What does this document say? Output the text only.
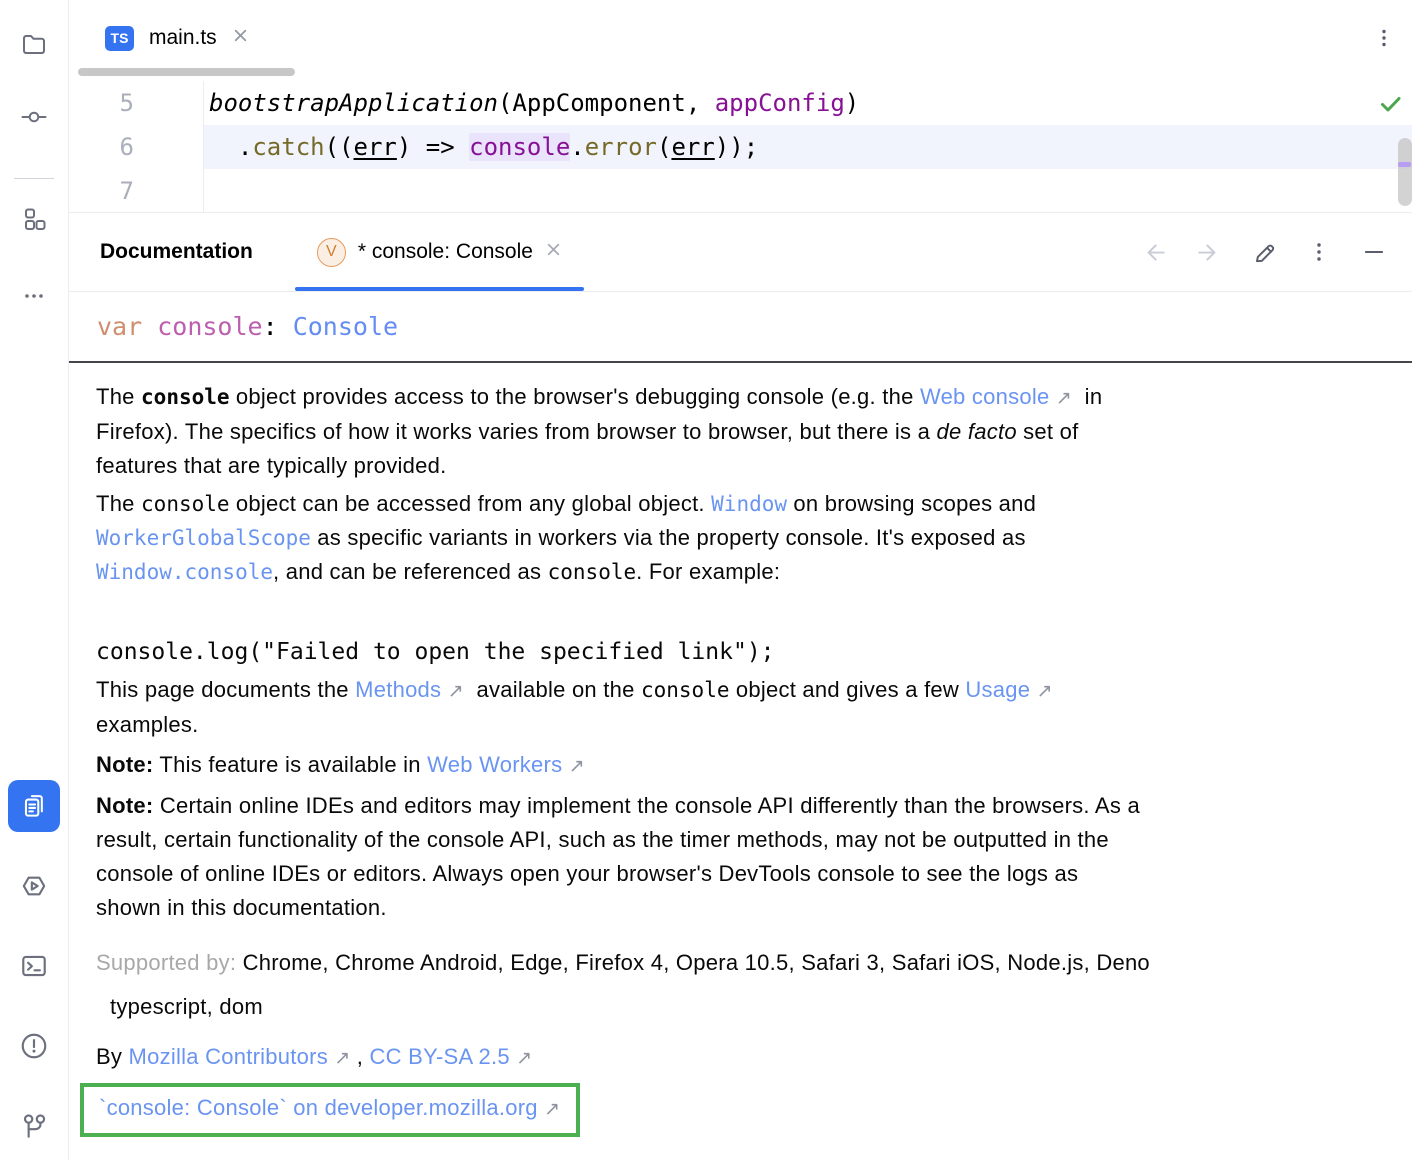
TS main.ts
5	bootstrapApplication (AppComponent, appConfig )
6	. catch (( err ) => console . error ( err ));
7
Documentation	V	* console: Console
var console : Console
The console object provides access to the browser's debugging console (e.g. the Web console ↗  in
Firefox). The specifics of how it works varies from browser to browser, but there is a de facto set of
features that are typically provided.
The console object can be accessed from any global object. Window on browsing scopes and
WorkerGlobalScope as specific variants in workers via the property console. It's exposed as
Window.console, and can be referenced as console. For example:
console.log("Failed to open the specified link");
This page documents the Methods ↗  available on the console object and gives a few Usage ↗
examples.
Note: This feature is available in Web Workers ↗
Note: Certain online IDEs and editors may implement the console API differently than the browsers. As a
result, certain functionality of the console API, such as the timer methods, may not be outputted in the
console of online IDEs or editors. Always open your browser's DevTools console to see the logs as
shown in this documentation.
Supported by: Chrome, Chrome Android, Edge, Firefox 4, Opera 10.5, Safari 3, Safari iOS, Node.js, Deno
typescript, dom
By Mozilla Contributors ↗ , CC BY-SA 2.5 ↗
`console: Console` on developer.mozilla.org ↗
